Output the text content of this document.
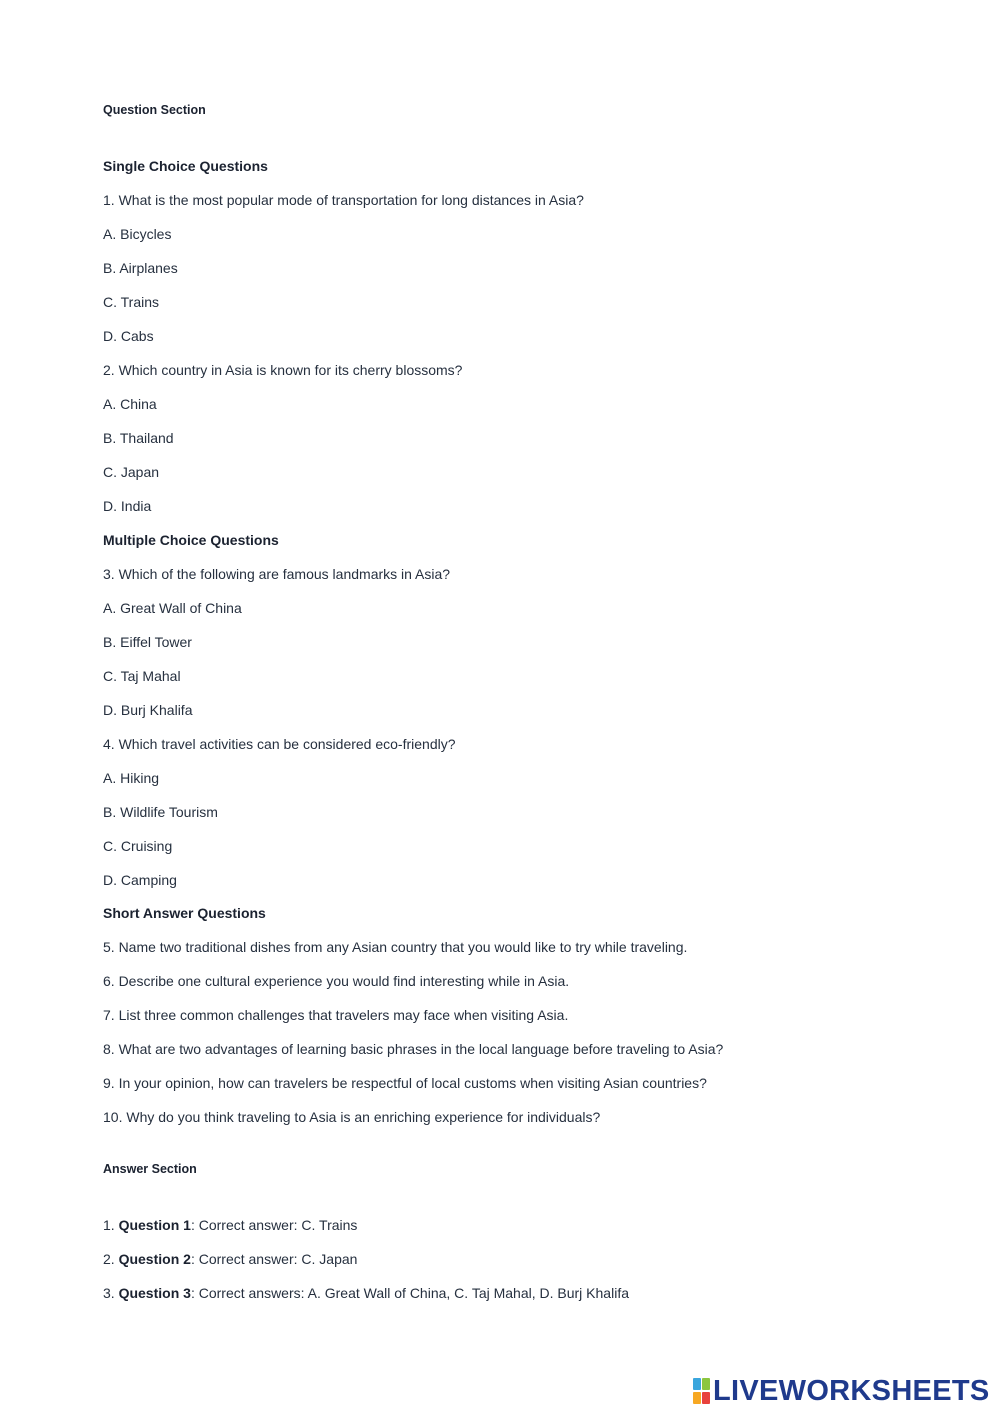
Question Section
Single Choice Questions
1. What is the most popular mode of transportation for long distances in Asia?
A. Bicycles
B. Airplanes
C. Trains
D. Cabs
2. Which country in Asia is known for its cherry blossoms?
A. China
B. Thailand
C. Japan
D. India
Multiple Choice Questions
3. Which of the following are famous landmarks in Asia?
A. Great Wall of China
B. Eiffel Tower
C. Taj Mahal
D. Burj Khalifa
4. Which travel activities can be considered eco-friendly?
A. Hiking
B. Wildlife Tourism
C. Cruising
D. Camping
Short Answer Questions
5. Name two traditional dishes from any Asian country that you would like to try while traveling.
6. Describe one cultural experience you would find interesting while in Asia.
7. List three common challenges that travelers may face when visiting Asia.
8. What are two advantages of learning basic phrases in the local language before traveling to Asia?
9. In your opinion, how can travelers be respectful of local customs when visiting Asian countries?
10. Why do you think traveling to Asia is an enriching experience for individuals?
Answer Section
1. Question 1: Correct answer: C. Trains
2. Question 2: Correct answer: C. Japan
3. Question 3: Correct answers: A. Great Wall of China, C. Taj Mahal, D. Burj Khalifa
LIVEWORKSHEETS
